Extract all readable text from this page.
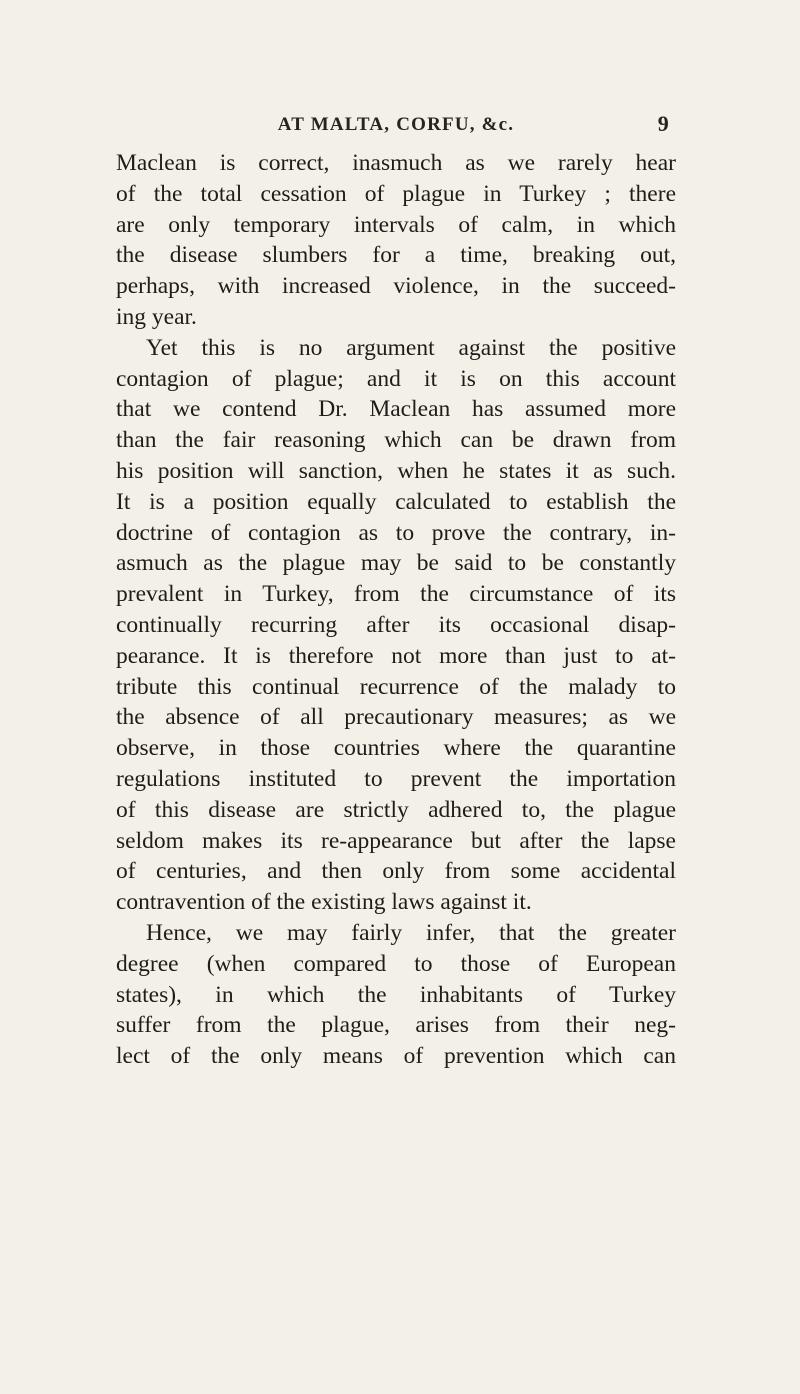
AT MALTA, CORFU, &c.	9
Maclean is correct, inasmuch as we rarely hear
of the total cessation of plague in Turkey ; there
are only temporary intervals of calm, in which
the disease slumbers for a time, breaking out,
perhaps, with increased violence, in the succeed-
ing year.
Yet this is no argument against the positive
contagion of plague; and it is on this account
that we contend Dr. Maclean has assumed more
than the fair reasoning which can be drawn from
his position will sanction, when he states it as such.
It is a position equally calculated to establish the
doctrine of contagion as to prove the contrary, in-
asmuch as the plague may be said to be constantly
prevalent in Turkey, from the circumstance of its
continually recurring after its occasional disap-
pearance. It is therefore not more than just to at-
tribute this continual recurrence of the malady to
the absence of all precautionary measures; as we
observe, in those countries where the quarantine
regulations instituted to prevent the importation
of this disease are strictly adhered to, the plague
seldom makes its re-appearance but after the lapse
of centuries, and then only from some accidental
contravention of the existing laws against it.
Hence, we may fairly infer, that the greater
degree (when compared to those of European
states), in which the inhabitants of Turkey
suffer from the plague, arises from their neg-
lect of the only means of prevention which can
